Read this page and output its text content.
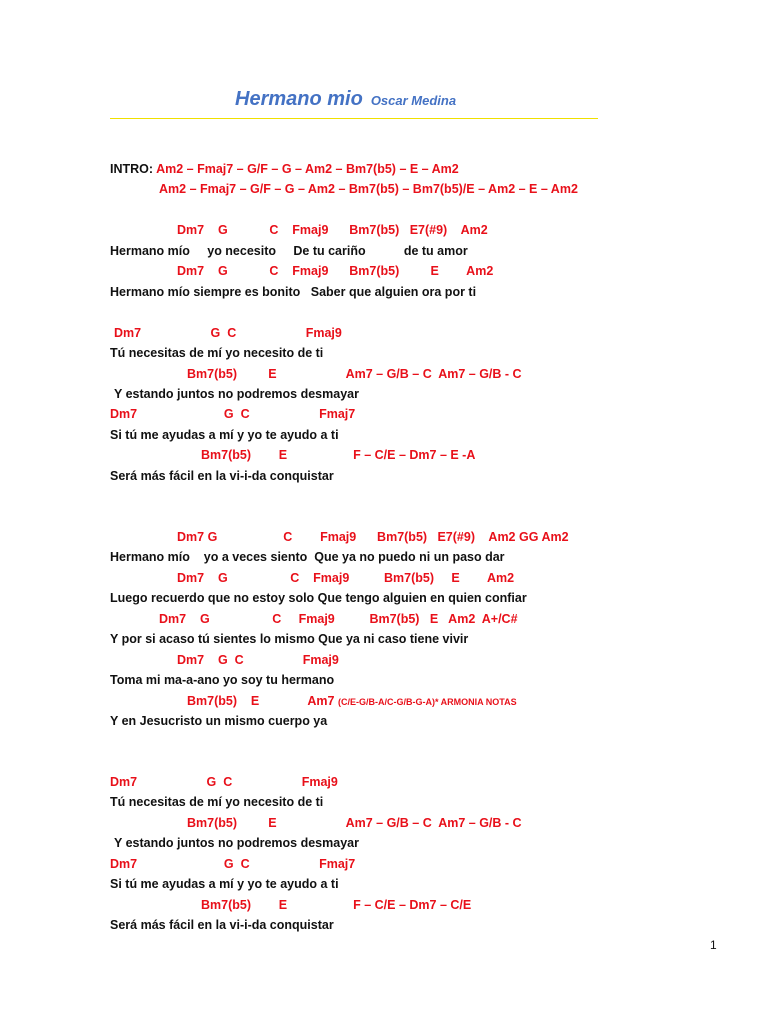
Hermano mio Oscar Medina

INTRO: Am2 – Fmaj7 – G/F – G – Am2 – Bm7(b5) – E – Am2

Am2 – Fmaj7 – G/F – G – Am2 – Bm7(b5) – Bm7(b5)/E – Am2 – E – Am2

Dm7    G            C    Fmaj9      Bm7(b5)   E7(#9)    Am2

Hermano mío     yo necesito     De tu cariño           de tu amor

Dm7    G            C    Fmaj9      Bm7(b5)         E        Am2

Hermano mío siempre es bonito   Saber que alguien ora por ti

Dm7                    G  C                    Fmaj9

Tú necesitas de mí yo necesito de ti

Bm7(b5)         E                    Am7 – G/B – C  Am7 – G/B - C

Y estando juntos no podremos desmayar

Dm7                         G  C                    Fmaj7

Si tú me ayudas a mí y yo te ayudo a ti

Bm7(b5)        E                   F – C/E – Dm7 – E -A

Será más fácil en la vi-i-da conquistar

Dm7 G                   C        Fmaj9      Bm7(b5)   E7(#9)    Am2 GG Am2

Hermano mío    yo a veces siento  Que ya no puedo ni un paso dar

Dm7    G                  C    Fmaj9          Bm7(b5)     E        Am2

Luego recuerdo que no estoy solo Que tengo alguien en quien confiar

Dm7    G                  C     Fmaj9          Bm7(b5)   E   Am2  A+/C#

Y por si acaso tú sientes lo mismo Que ya ni caso tiene vivir

Dm7    G  C                 Fmaj9

Toma mi ma-a-ano yo soy tu hermano

Bm7(b5)    E              Am7 (C/E-G/B-A/C-G/B-G-A)* ARMONIA NOTAS

Y en Jesucristo un mismo cuerpo ya

Dm7                    G  C                    Fmaj9

Tú necesitas de mí yo necesito de ti

Bm7(b5)         E                    Am7 – G/B – C  Am7 – G/B - C

Y estando juntos no podremos desmayar

Dm7                         G  C                    Fmaj7

Si tú me ayudas a mí y yo te ayudo a ti

Bm7(b5)        E                   F – C/E – Dm7 – C/E

Será más fácil en la vi-i-da conquistar

1
